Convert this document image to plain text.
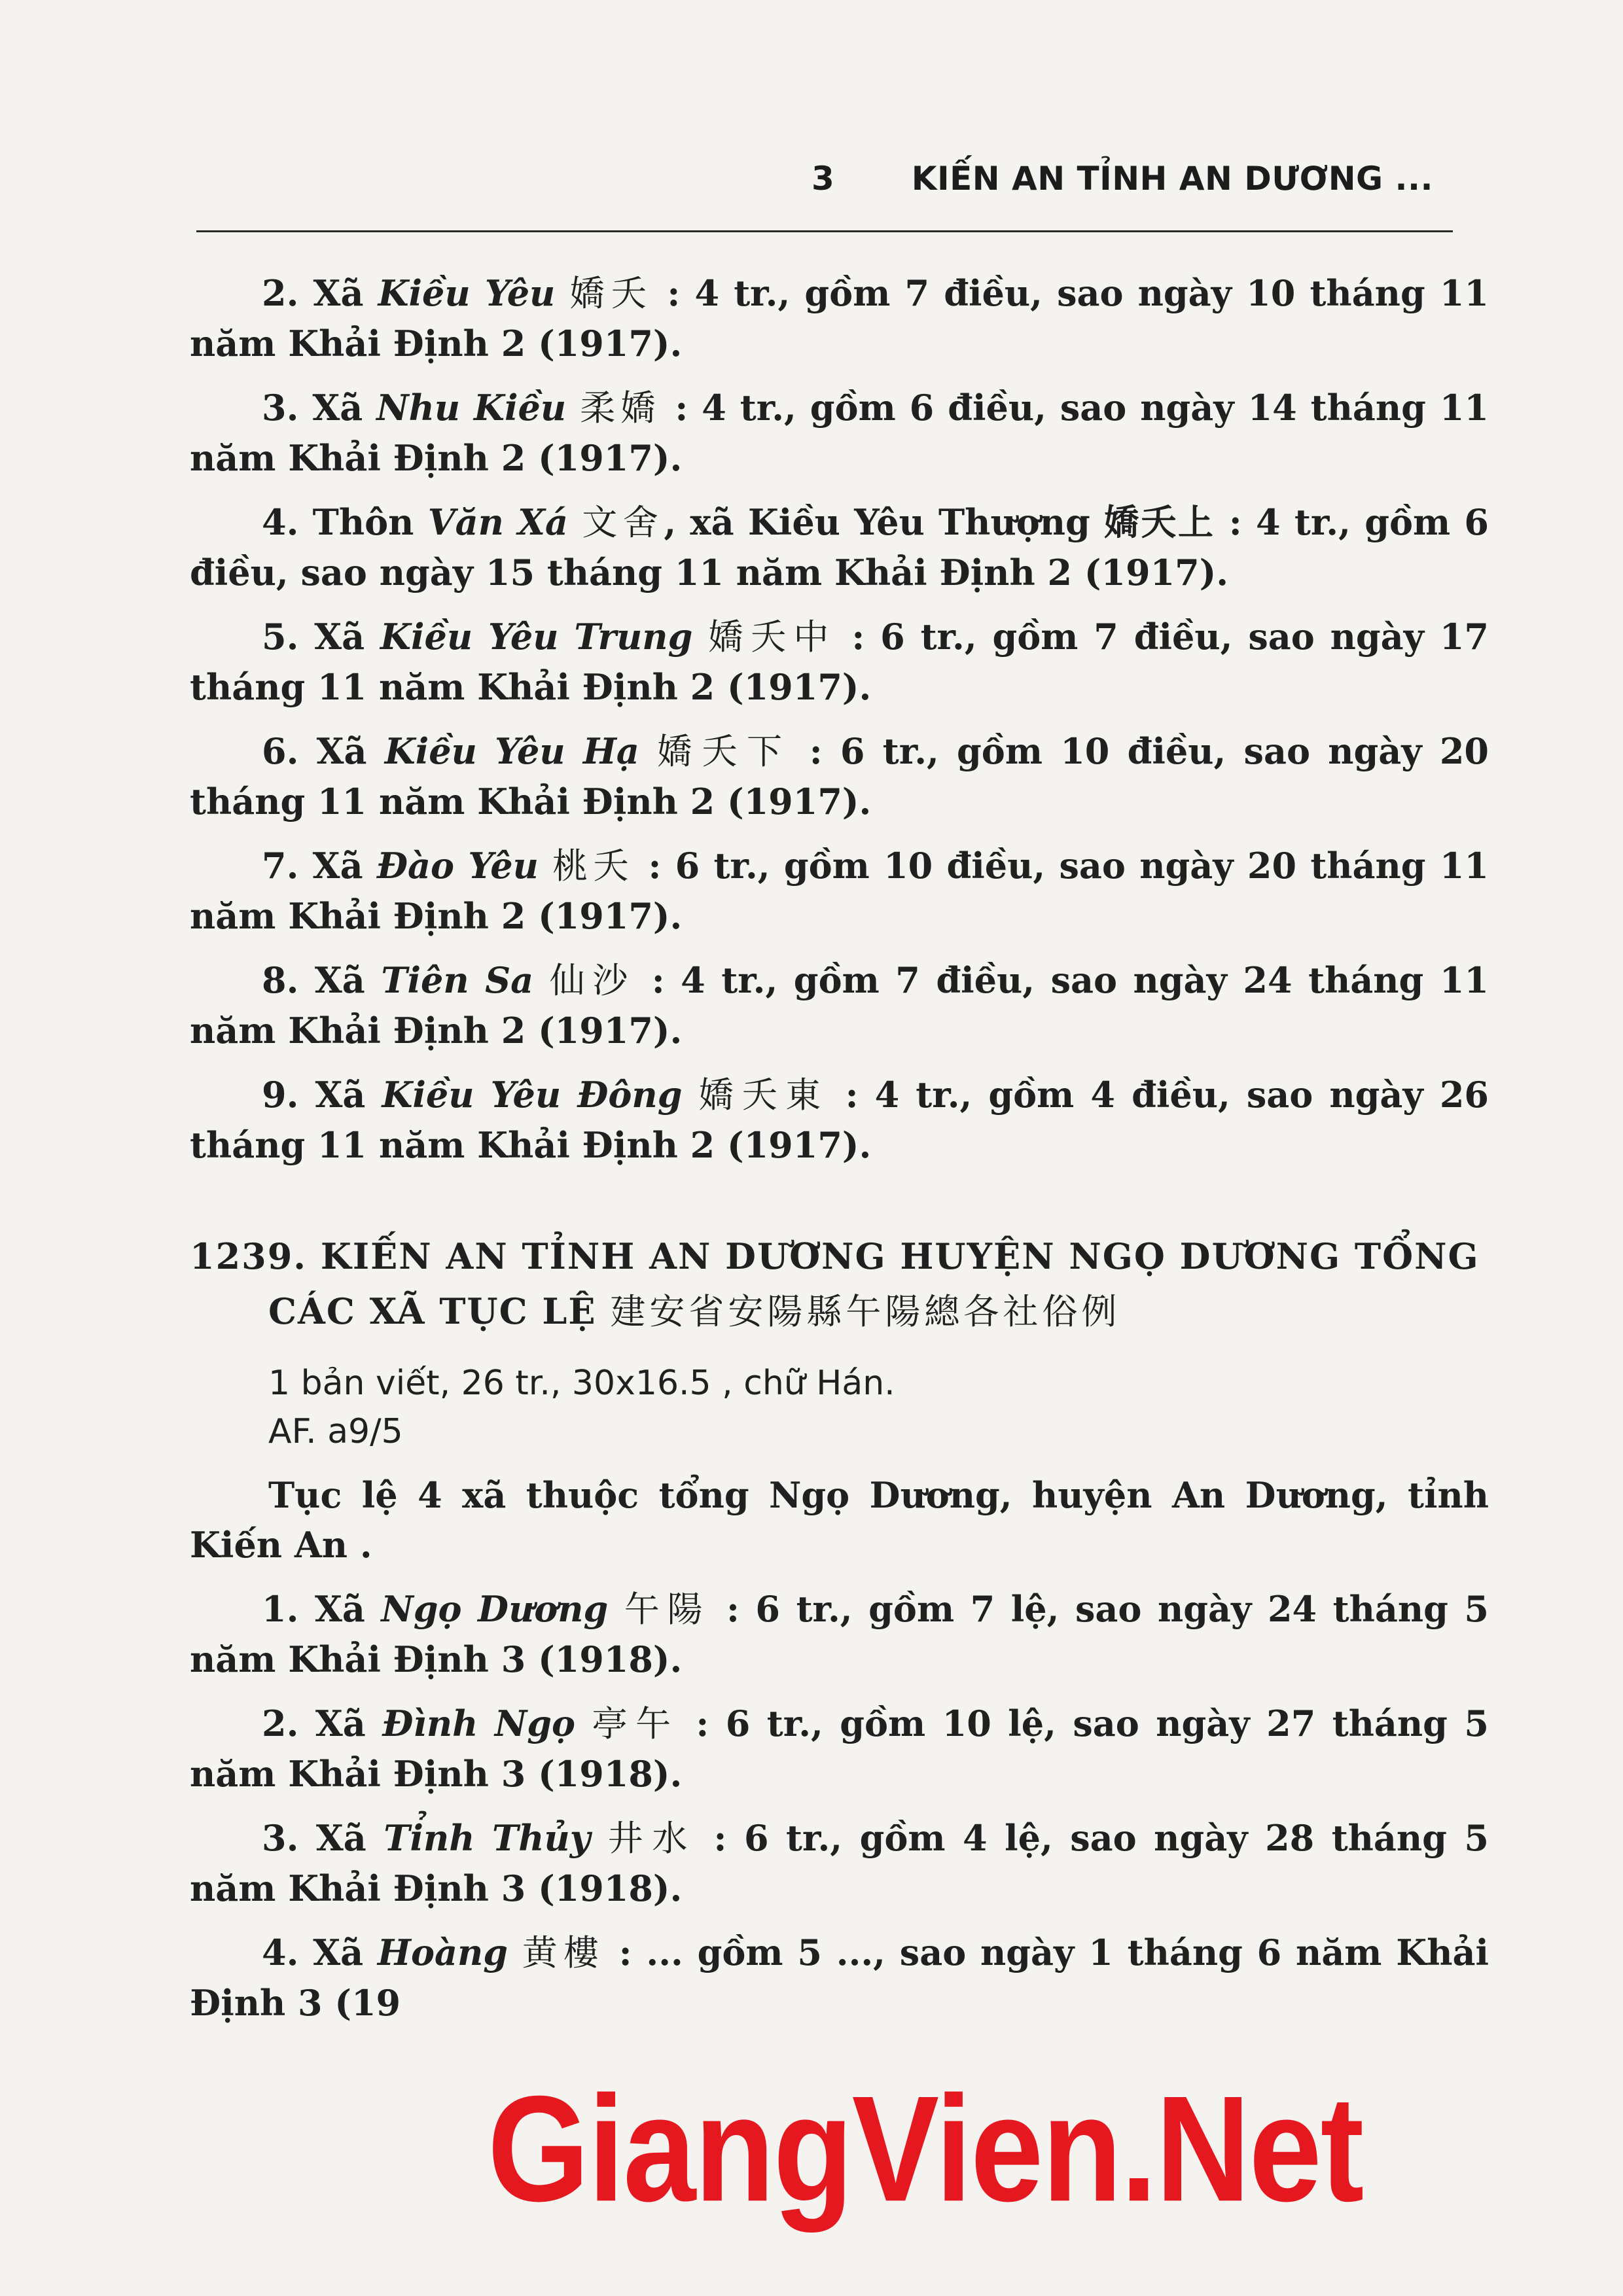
3 KIẾN AN TỈNH AN DƯƠNG ...

2. Xã Kiều Yêu 嬌夭 : 4 tr., gồm 7 điều, sao ngày 10 tháng 11 năm Khải Định 2 (1917).

3. Xã Nhu Kiều 柔嬌 : 4 tr., gồm 6 điều, sao ngày 14 tháng 11 năm Khải Định 2 (1917).

4. Thôn Văn Xá 文舍, xã Kiều Yêu Thượng 嬌夭上 : 4 tr., gồm 6 điều, sao ngày 15 tháng 11 năm Khải Định 2 (1917).

5. Xã Kiều Yêu Trung 嬌夭中 : 6 tr., gồm 7 điều, sao ngày 17 tháng 11 năm Khải Định 2 (1917).

6. Xã Kiều Yêu Hạ 嬌夭下 : 6 tr., gồm 10 điều, sao ngày 20 tháng 11 năm Khải Định 2 (1917).

7. Xã Đào Yêu 桃夭 : 6 tr., gồm 10 điều, sao ngày 20 tháng 11 năm Khải Định 2 (1917).

8. Xã Tiên Sa 仙沙 : 4 tr., gồm 7 điều, sao ngày 24 tháng 11 năm Khải Định 2 (1917).

9. Xã Kiều Yêu Đông 嬌夭東 : 4 tr., gồm 4 điều, sao ngày 26 tháng 11 năm Khải Định 2 (1917).

1239. KIẾN AN TỈNH AN DƯƠNG HUYỆN NGỌ DƯƠNG TỔNG CÁC XÃ TỤC LỆ 建安省安陽縣午陽總各社俗例

1 bản viết, 26 tr., 30x16.5 , chữ Hán.
AF. a9/5

Tục lệ 4 xã thuộc tổng Ngọ Dương, huyện An Dương, tỉnh Kiến An .

1. Xã Ngọ Dương 午陽 : 6 tr., gồm 7 lệ, sao ngày 24 tháng 5 năm Khải Định 3 (1918).

2. Xã Đình Ngọ 亭午 : 6 tr., gồm 10 lệ, sao ngày 27 tháng 5 năm Khải Định 3 (1918).

3. Xã Tỉnh Thủy 井水 : 6 tr., gồm 4 lệ, sao ngày 28 tháng 5 năm Khải Định 3 (1918).

4. Xã Hoàng 黄樓 : ... gồm 5 ..., sao ngày 1 tháng 6 năm Khải Định 3 (19

GiangVien.Net
